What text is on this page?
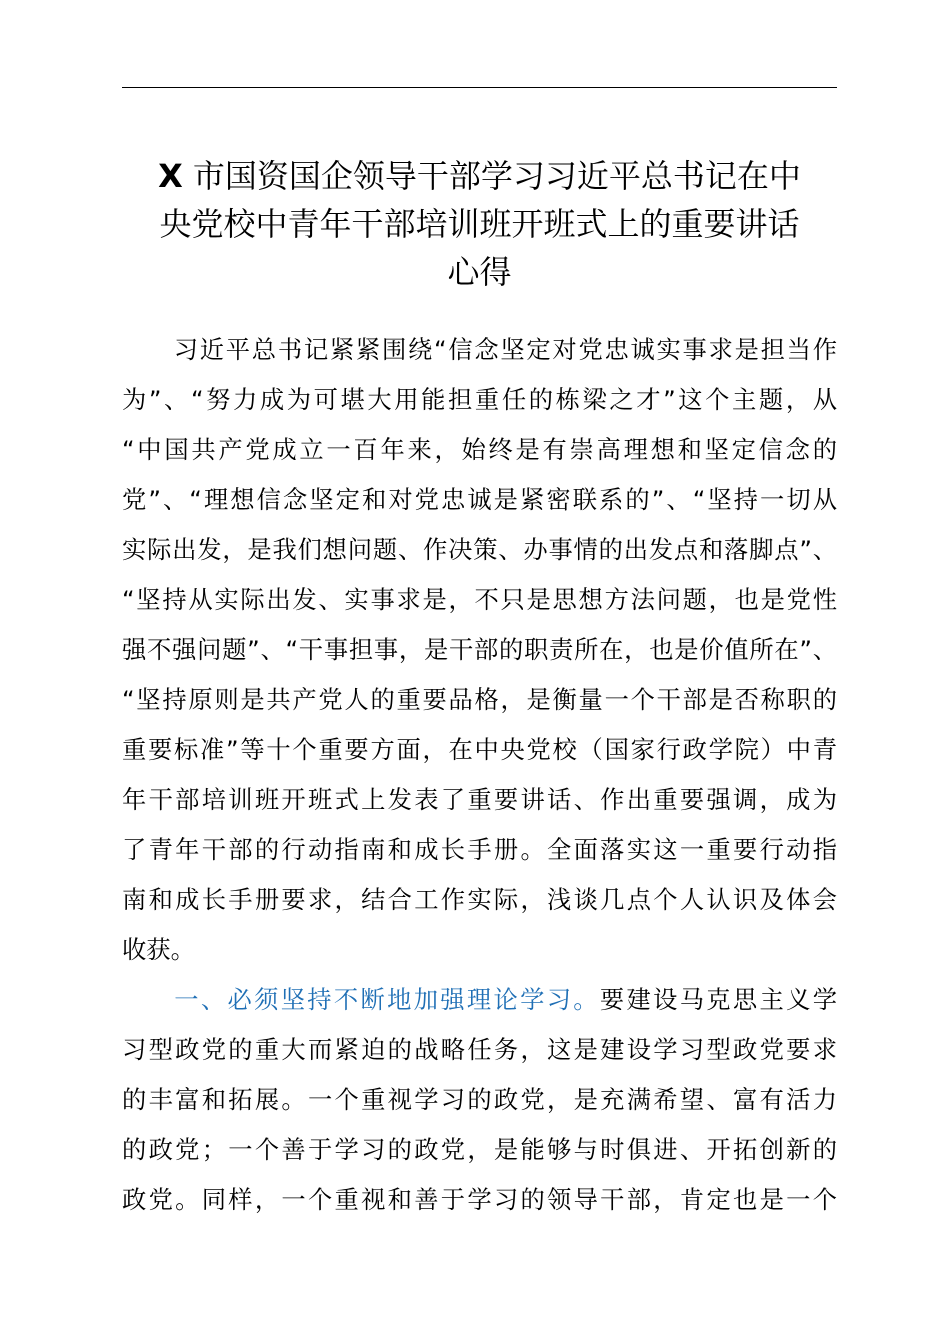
X 市国资国企领导干部学习习近平总书记在中
央党校中青年干部培训班开班式上的重要讲话
心得
习近平总书记紧紧围绕“信念坚定对党忠诚实事求是担当作
为”、“努力成为可堪大用能担重任的栋梁之才”这个主题，从
“中国共产党成立一百年来，始终是有崇高理想和坚定信念的
党”、“理想信念坚定和对党忠诚是紧密联系的”、“坚持一切从
实际出发，是我们想问题、作决策、办事情的出发点和落脚点”、
“坚持从实际出发、实事求是，不只是思想方法问题，也是党性
强不强问题”、“干事担事，是干部的职责所在，也是价值所在”、
“坚持原则是共产党人的重要品格，是衡量一个干部是否称职的
重要标准”等十个重要方面，在中央党校（国家行政学院）中青
年干部培训班开班式上发表了重要讲话、作出重要强调，成为
了青年干部的行动指南和成长手册。全面落实这一重要行动指
南和成长手册要求，结合工作实际，浅谈几点个人认识及体会
收获。
一、必须坚持不断地加强理论学习。要建设马克思主义学
习型政党的重大而紧迫的战略任务，这是建设学习型政党要求
的丰富和拓展。一个重视学习的政党，是充满希望、富有活力
的政党；一个善于学习的政党，是能够与时俱进、开拓创新的
政党。同样，一个重视和善于学习的领导干部，肯定也是一个
